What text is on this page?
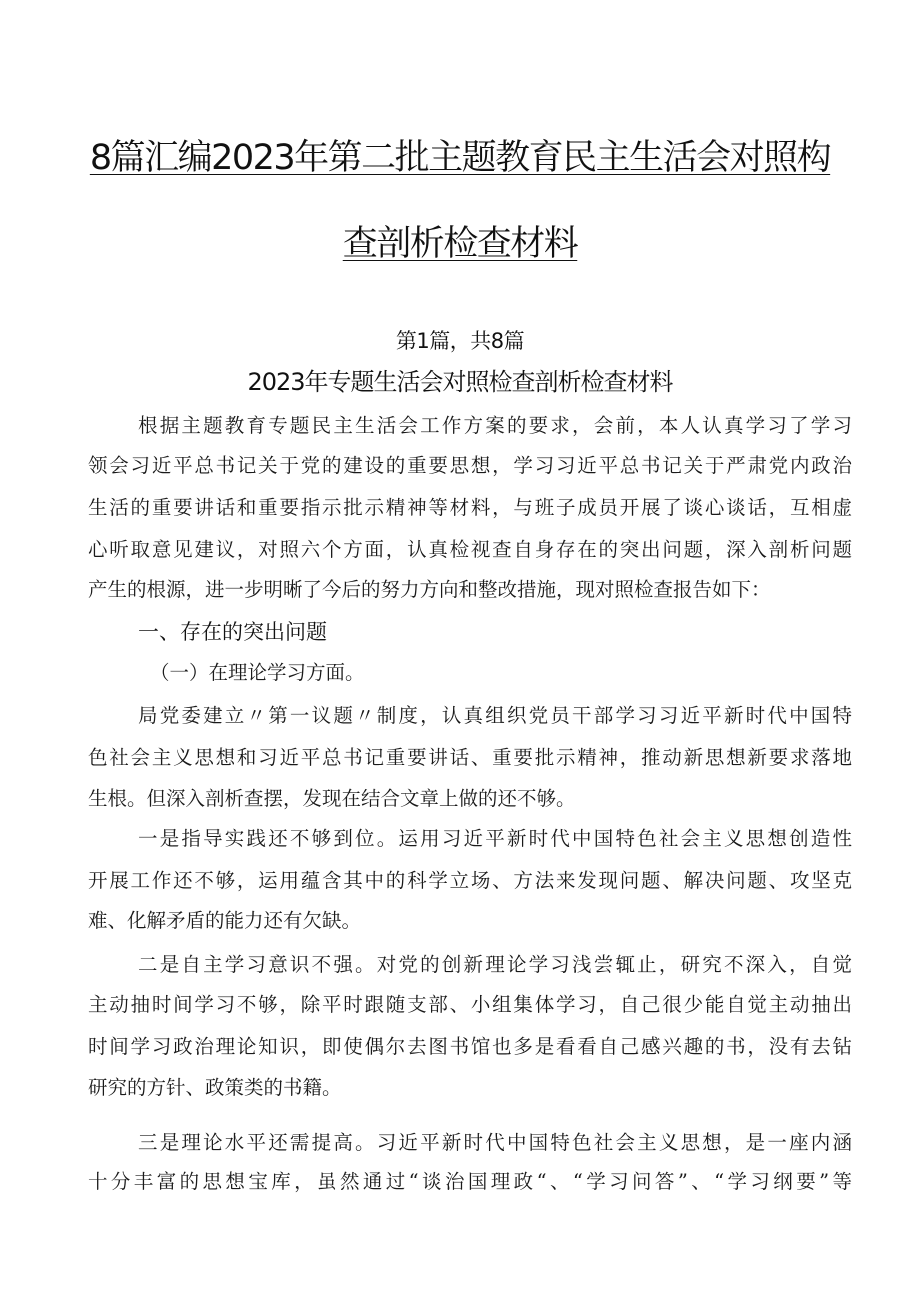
8篇汇编2023年第二批主题教育民主生活会对照构
查剖析检查材料
第1篇，共8篇
2023年专题生活会对照检查剖析检查材料

根据主题教育专题民主生活会工作方案的要求，会前，本人认真学习了学习

领会习近平总书记关于党的建设的重要思想，学习习近平总书记关于严肃党内政治

生活的重要讲话和重要指示批示精神等材料，与班子成员开展了谈心谈话，互相虚

心听取意见建议，对照六个方面，认真检视查自身存在的突出问题，深入剖析问题

产生的根源，进一步明晰了今后的努力方向和整改措施，现对照检查报告如下：

一、存在的突出问题

（一）在理论学习方面。

局党委建立〃第一议题〃制度，认真组织党员干部学习习近平新时代中国特

色社会主义思想和习近平总书记重要讲话、重要批示精神，推动新思想新要求落地

生根。但深入剖析查摆，发现在结合文章上做的还不够。

一是指导实践还不够到位。运用习近平新时代中国特色社会主义思想创造性

开展工作还不够，运用蕴含其中的科学立场、方法来发现问题、解决问题、攻坚克

难、化解矛盾的能力还有欠缺。

二是自主学习意识不强。对党的创新理论学习浅尝辄止，研究不深入，自觉

主动抽时间学习不够，除平时跟随支部、小组集体学习，自己很少能自觉主动抽出

时间学习政治理论知识，即使偶尔去图书馆也多是看看自己感兴趣的书，没有去钻

研究的方针、政策类的书籍。

三是理论水平还需提高。习近平新时代中国特色社会主义思想，是一座内涵

十分丰富的思想宝库，虽然通过“谈治国理政“、“学习问答”、“学习纲要”等
